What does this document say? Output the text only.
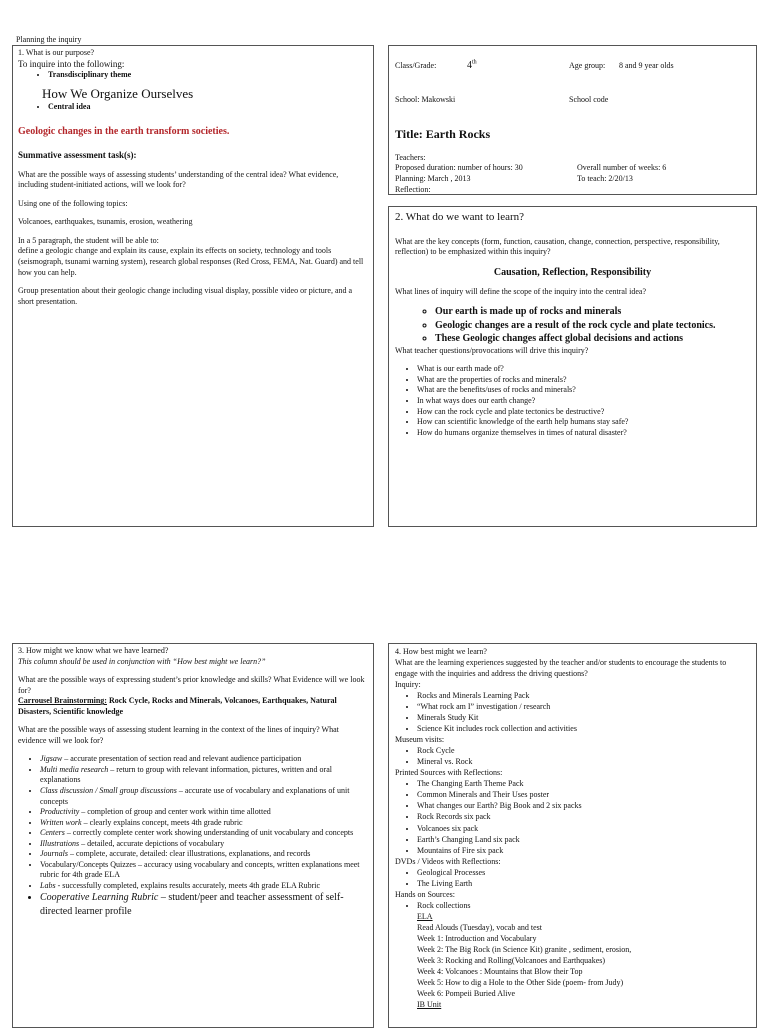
Planning the inquiry

1. What is our purpose?

To inquire into the following:

• Transdisciplinary theme

How We Organize Ourselves

• Central idea

Geologic changes in the earth transform societies.

Summative assessment task(s):

What are the possible ways of assessing students’ understanding of the central idea? What evidence, including student-initiated actions, will we look for?

Using one of the following topics:

Volcanoes, earthquakes, tsunamis, erosion, weathering

In a 5 paragraph, the student will be able to:

define a geologic change and explain its cause, explain its effects on society, technology and tools (seismograph, tsunami warning system), research global responses (Red Cross, FEMA, Nat. Guard) and tell how you can help.

Group presentation about their geologic change including visual display, possible video or picture, and a short presentation.

Class/Grade:	4th	Age group: 8 and 9 year olds
School: Makowski	School code

Title: Earth Rocks

Teachers:

Proposed duration: number of hours: 30	Overall number of weeks: 6
Planning: March , 2013	To teach: 2/20/13

Reflection:

2. What do we want to learn?

What are the key concepts (form, function, causation, change, connection, perspective, responsibility, reflection) to be emphasized within this inquiry?

Causation, Reflection, Responsibility

What lines of inquiry will define the scope of the inquiry into the central idea?

◦ Our earth is made up of rocks and minerals
◦ Geologic changes are a result of the rock cycle and plate tectonics.
◦ These Geologic changes affect global decisions and actions

What teacher questions/provocations will drive this inquiry?

• What is our earth made of?
• What are the properties of rocks and minerals?
• What are the benefits/uses of rocks and minerals?
• In what ways does our earth change?
• How can the rock cycle and plate tectonics be destructive?
• How can scientific knowledge of the earth help humans stay safe?
• How do humans organize themselves in times of natural disaster?

3. How might we know what we have learned?

This column should be used in conjunction with “How best might we learn?”

What are the possible ways of expressing student’s prior knowledge and skills? What Evidence will we look for?

Carrousel Brainstorming: Rock Cycle, Rocks and Minerals, Volcanoes, Earthquakes, Natural Disasters, Scientific knowledge

What are the possible ways of assessing student learning in the context of the lines of inquiry? What evidence will we look for?

• Jigsaw – accurate presentation of section read and relevant audience participation
• Multi media research – return to group with relevant information, pictures, written and oral explanations
• Class discussion / Small group discussions – accurate use of vocabulary and explanations of unit concepts
• Productivity – completion of group and center work within time allotted
• Written work – clearly explains concept, meets 4th grade rubric
• Centers – correctly complete center work showing understanding of unit vocabulary and concepts
• Illustrations – detailed, accurate depictions of vocabulary
• Journals – complete, accurate, detailed: clear illustrations, explanations, and records
• Vocabulary/Concepts Quizzes – accuracy using vocabulary and concepts, written explanations meet rubric for 4th grade ELA
• Labs - successfully completed, explains results accurately, meets 4th grade ELA Rubric
• Cooperative Learning Rubric – student/peer and teacher assessment of self-directed learner profile

4. How best might we learn?

What are the learning experiences suggested by the teacher and/or students to encourage the students to engage with the inquiries and address the driving questions?

Inquiry:

• Rocks and Minerals Learning Pack
• “What rock am I” investigation / research
• Minerals Study Kit
• Science Kit includes rock collection and activities

Museum visits:

• Rock Cycle
• Mineral vs. Rock

Printed Sources with Reflections:

• The Changing Earth Theme Pack
• Common Minerals and Their Uses poster
• What changes our Earth? Big Book and 2 six packs
• Rock Records six pack
• Volcanoes six pack
• Earth’s Changing Land six pack
• Mountains of Fire six pack

DVDs / Videos with Reflections:

• Geological Processes
• The Living Earth

Hands on Sources:

• Rock collections

ELA

Read Alouds (Tuesday), vocab and test

Week 1: Introduction and Vocabulary

Week 2: The Big Rock (in Science Kit) granite , sediment, erosion,

Week 3: Rocking and Rolling(Volcanoes and Earthquakes)

Week 4: Volcanoes : Mountains that Blow their Top

Week 5: How to dig a Hole to the Other Side (poem- from Judy)

Week 6: Pompeii Buried Alive

IB Unit
